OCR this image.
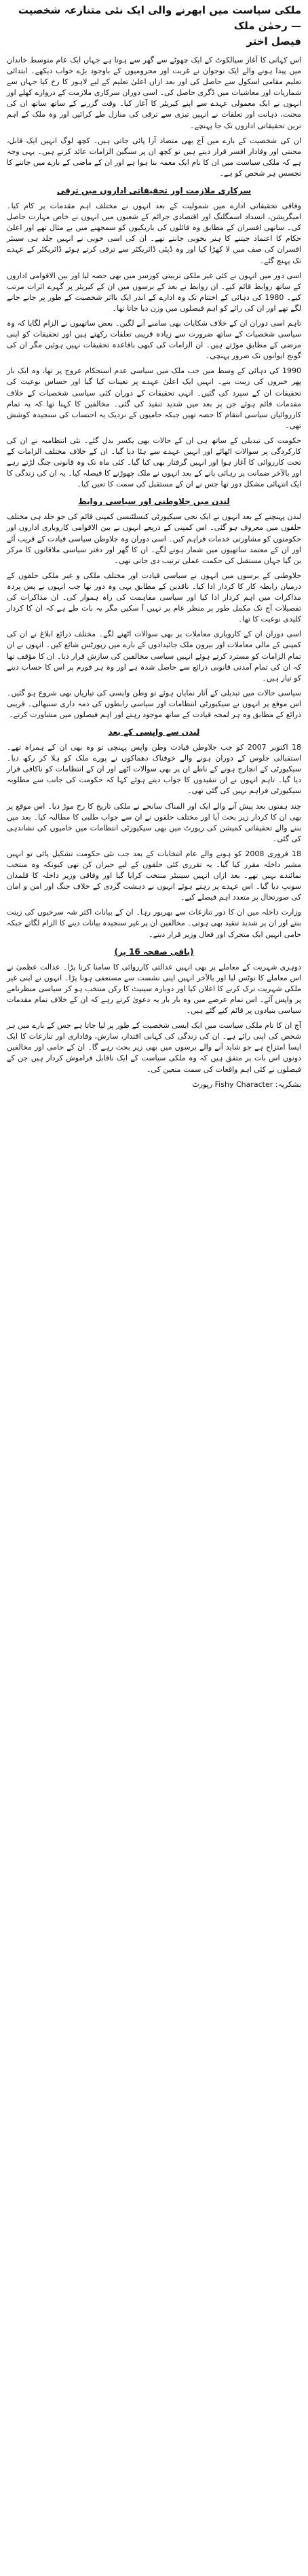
ملکی سیاست میں ابھرنے والی ایک نئی متنازعہ شخصیت — رحمٰن ملک
فیصل اختر

اس کہانی کا آغاز سیالکوٹ کے ایک چھوٹے سے گھر سے ہوتا ہے جہاں ایک عام متوسط خاندان میں پیدا ہونے والے ایک نوجوان نے غربت اور محرومیوں کے باوجود بڑے خواب دیکھے۔ ابتدائی تعلیم مقامی اسکول سے حاصل کی اور بعد ازاں اعلیٰ تعلیم کے لیے لاہور کا رخ کیا جہاں سے شماریات اور معاشیات میں ڈگری حاصل کی۔ اسی دوران سرکاری ملازمت کے دروازے کھلے اور انہوں نے ایک معمولی عہدے سے اپنے کیریئر کا آغاز کیا۔ وقت گزرنے کے ساتھ ساتھ ان کی محنت، ذہانت اور تعلقات نے انہیں تیزی سے ترقی کی منازل طے کرائیں اور وہ ملک کے اہم ترین تحقیقاتی اداروں تک جا پہنچے۔

ان کی شخصیت کے بارے میں آج بھی متضاد آرا پائی جاتی ہیں۔ کچھ لوگ انہیں ایک قابل، محنتی اور وفادار افسر قرار دیتے ہیں تو کچھ ان پر سنگین الزامات عائد کرتے ہیں۔ یہی وجہ ہے کہ ملکی سیاست میں ان کا نام ایک معمہ بنا ہوا ہے اور ان کے ماضی کے بارے میں جاننے کا تجسس ہر شخص کو ہے۔

سرکاری ملازمت اور تحقیقاتی اداروں میں ترقی

وفاقی تحقیقاتی ادارے میں شمولیت کے بعد انہوں نے مختلف اہم مقدمات پر کام کیا۔ امیگریشن، انسداد اسمگلنگ اور اقتصادی جرائم کے شعبوں میں انہوں نے خاص مہارت حاصل کی۔ ساتھی افسران کے مطابق وہ فائلوں کی باریکیوں کو سمجھنے میں بے مثال تھے اور اعلیٰ حکام کا اعتماد جیتنے کا ہنر بخوبی جانتے تھے۔ ان کی اسی خوبی نے انہیں جلد ہی سینئر افسران کی صف میں لا کھڑا کیا اور وہ ڈپٹی ڈائریکٹر سے ترقی کرتے ہوئے ڈائریکٹر کے عہدے تک پہنچ گئے۔

اسی دور میں انہوں نے کئی غیر ملکی تربیتی کورسز میں بھی حصہ لیا اور بین الاقوامی اداروں کے ساتھ روابط قائم کیے۔ ان روابط نے بعد کے برسوں میں ان کے کیریئر پر گہرے اثرات مرتب کیے۔ 1980 کی دہائی کے اختتام تک وہ ادارے کے اندر ایک بااثر شخصیت کے طور پر جانے جانے لگے تھے اور ان کی رائے کو اہم فیصلوں میں وزن دیا جاتا تھا۔

تاہم اسی دوران ان کے خلاف شکایات بھی سامنے آنے لگیں۔ بعض ساتھیوں نے الزام لگایا کہ وہ سیاسی شخصیات کے ساتھ ضرورت سے زیادہ قریبی تعلقات رکھتے ہیں اور تحقیقات کو اپنی مرضی کے مطابق موڑتے ہیں۔ ان الزامات کی کبھی باقاعدہ تحقیقات نہیں ہوئیں مگر ان کی گونج ایوانوں تک ضرور پہنچی۔

1990 کی دہائی کے وسط میں جب ملک میں سیاسی عدم استحکام عروج پر تھا، وہ ایک بار پھر خبروں کی زینت بنے۔ انہیں ایک اعلیٰ عہدے پر تعینات کیا گیا اور حساس نوعیت کی تحقیقات ان کے سپرد کی گئیں۔ انہی تحقیقات کے دوران کئی سیاسی شخصیات کے خلاف مقدمات قائم ہوئے جن پر بعد میں شدید تنقید کی گئی۔ مخالفین کا کہنا تھا کہ یہ تمام کارروائیاں سیاسی انتقام کا حصہ تھیں جبکہ حامیوں کے نزدیک یہ احتساب کی سنجیدہ کوشش تھی۔

حکومت کی تبدیلی کے ساتھ ہی ان کے حالات بھی یکسر بدل گئے۔ نئی انتظامیہ نے ان کی کارکردگی پر سوالات اٹھائے اور انہیں عہدے سے ہٹا دیا گیا۔ ان کے خلاف مختلف الزامات کے تحت کارروائی کا آغاز ہوا اور انہیں گرفتار بھی کیا گیا۔ کئی ماہ تک وہ قانونی جنگ لڑتے رہے اور بالآخر ضمانت پر رہائی پانے کے بعد انہوں نے ملک چھوڑنے کا فیصلہ کیا۔ یہ ان کی زندگی کا ایک انتہائی مشکل دور تھا جس نے ان کے مستقبل کی سمت کا تعین کیا۔

لندن میں جلاوطنی اور سیاسی روابط

لندن پہنچنے کے بعد انہوں نے ایک نجی سیکیورٹی کنسلٹنسی کمپنی قائم کی جو جلد ہی مختلف حلقوں میں معروف ہو گئی۔ اس کمپنی کے ذریعے انہوں نے بین الاقوامی کاروباری اداروں اور حکومتوں کو مشاورتی خدمات فراہم کیں۔ اسی دوران وہ جلاوطن سیاسی قیادت کے قریب آئے اور ان کے معتمد ساتھیوں میں شمار ہونے لگے۔ ان کا گھر اور دفتر سیاسی ملاقاتوں کا مرکز بن گیا جہاں مستقبل کی حکمت عملی ترتیب دی جاتی تھی۔

جلاوطنی کے برسوں میں انہوں نے سیاسی قیادت اور مختلف ملکی و غیر ملکی حلقوں کے درمیان رابطہ کار کا کردار ادا کیا۔ ناقدین کے مطابق یہی وہ دور تھا جب انہوں نے پس پردہ مذاکرات میں اہم کردار ادا کیا اور سیاسی مفاہمت کی راہ ہموار کی۔ ان مذاکرات کی تفصیلات آج تک مکمل طور پر منظر عام پر نہیں آ سکیں مگر یہ بات طے ہے کہ ان کا کردار کلیدی نوعیت کا تھا۔

اسی دوران ان کے کاروباری معاملات پر بھی سوالات اٹھنے لگے۔ مختلف ذرائع ابلاغ نے ان کی کمپنی کے مالی معاملات اور بیرون ملک جائیدادوں کے بارے میں رپورٹس شائع کیں۔ انہوں نے ان تمام الزامات کو مسترد کرتے ہوئے انہیں سیاسی مخالفین کی سازش قرار دیا۔ ان کا مؤقف تھا کہ ان کی تمام آمدنی قانونی ذرائع سے حاصل شدہ ہے اور وہ ہر فورم پر اس کا حساب دینے کو تیار ہیں۔

سیاسی حالات میں تبدیلی کے آثار نمایاں ہوئے تو وطن واپسی کی تیاریاں بھی شروع ہو گئیں۔ اس موقع پر انہوں نے سیکیورٹی انتظامات اور سیاسی رابطوں کی ذمہ داری سنبھالی۔ قریبی ذرائع کے مطابق وہ ہر لمحہ قیادت کے ساتھ موجود رہتے اور اہم فیصلوں میں مشاورت کرتے۔

لندن سے واپسی کے بعد

18 اکتوبر 2007 کو جب جلاوطن قیادت وطن واپس پہنچی تو وہ بھی ان کے ہمراہ تھے۔ استقبالی جلوس کے دوران ہونے والے خوفناک دھماکوں نے پورے ملک کو ہلا کر رکھ دیا۔ سیکیورٹی کے انچارج ہونے کے ناطے ان پر بھی سوالات اٹھے اور ان کے انتظامات کو ناکافی قرار دیا گیا۔ تاہم انہوں نے ان تنقیدوں کا جواب دیتے ہوئے کہا کہ حکومت کی جانب سے مطلوبہ سیکیورٹی فراہم نہیں کی گئی تھی۔

چند ہفتوں بعد پیش آنے والے ایک اور المناک سانحے نے ملکی تاریخ کا رخ موڑ دیا۔ اس موقع پر بھی ان کا کردار زیر بحث آیا اور مختلف حلقوں نے ان سے جواب طلبی کا مطالبہ کیا۔ بعد میں بننے والے تحقیقاتی کمیشن کی رپورٹ میں بھی سیکیورٹی انتظامات میں خامیوں کی نشاندہی کی گئی۔

18 فروری 2008 کو ہونے والے عام انتخابات کے بعد جب نئی حکومت تشکیل پائی تو انہیں مشیر داخلہ مقرر کیا گیا۔ یہ تقرری کئی حلقوں کے لیے حیران کن تھی کیونکہ وہ منتخب نمائندے نہیں تھے۔ بعد ازاں انہیں سینیٹر منتخب کرایا گیا اور وفاقی وزیر داخلہ کا قلمدان سونپ دیا گیا۔ اس عہدے پر رہتے ہوئے انہوں نے دہشت گردی کے خلاف جنگ اور امن و امان کی صورتحال پر متعدد اہم فیصلے کیے۔

وزارت داخلہ میں ان کا دور تنازعات سے بھرپور رہا۔ ان کے بیانات اکثر شہ سرخیوں کی زینت بنتے اور ان پر شدید تنقید بھی ہوتی۔ مخالفین ان پر غیر سنجیدہ بیانات دینے کا الزام لگاتے جبکہ حامی انہیں ایک متحرک اور فعال وزیر قرار دیتے۔

(باقی صفحہ 16 پر)

دوہری شہریت کے معاملے پر بھی انہیں عدالتی کارروائی کا سامنا کرنا پڑا۔ عدالت عظمیٰ نے اس معاملے کا نوٹس لیا اور بالآخر انہیں اپنی نشست سے مستعفی ہونا پڑا۔ انہوں نے اپنی غیر ملکی شہریت ترک کرنے کا اعلان کیا اور دوبارہ سینیٹ کا رکن منتخب ہو کر سیاسی منظرنامے پر واپس آئے۔ اس تمام عرصے میں وہ بار بار یہ دعویٰ کرتے رہے کہ ان کے خلاف تمام مقدمات سیاسی بنیادوں پر قائم کیے گئے ہیں۔

آج ان کا نام ملکی سیاست میں ایک ایسی شخصیت کے طور پر لیا جاتا ہے جس کے بارے میں ہر شخص کی اپنی رائے ہے۔ ان کی زندگی کی کہانی اقتدار، سازش، وفاداری اور تنازعات کا ایک ایسا امتزاج ہے جو شاید آنے والے برسوں میں بھی زیر بحث رہے گا۔ ان کے حامی اور مخالفین دونوں اس بات پر متفق ہیں کہ وہ ملکی سیاست کے ایک ناقابل فراموش کردار ہیں جن کے فیصلوں نے کئی اہم واقعات کی سمت متعین کی۔

بشکریہ: Fishy Character رپورٹ
